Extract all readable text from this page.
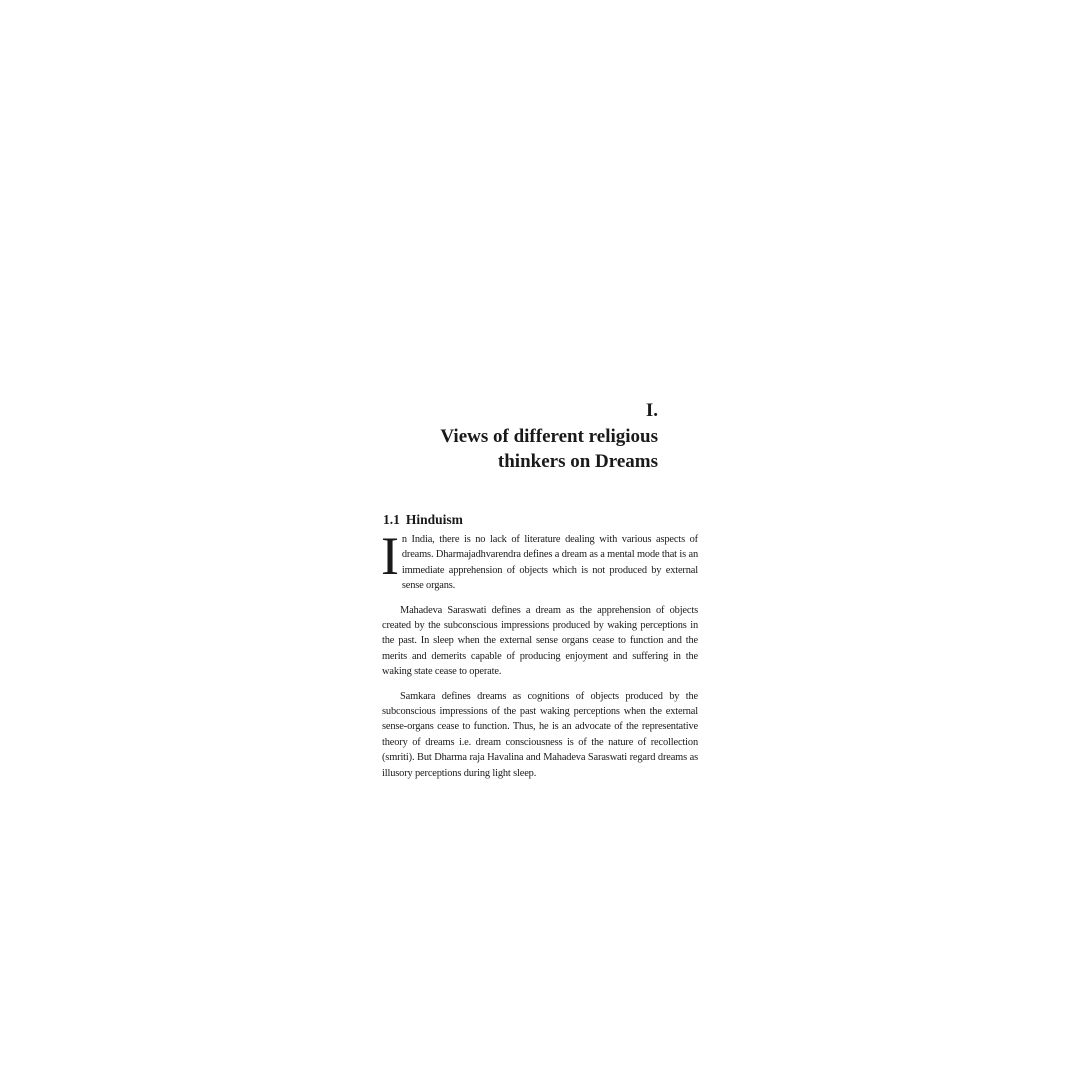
I.
Views of different religious
thinkers on Dreams
1.1 Hinduism

In India, there is no lack of literature dealing with various aspects of dreams. Dharmajadhvarendra defines a dream as a mental mode that is an immediate apprehension of objects which is not produced by external sense organs.

Mahadeva Saraswati defines a dream as the apprehension of objects created by the subconscious impressions produced by waking perceptions in the past. In sleep when the external sense organs cease to function and the merits and demerits capable of producing enjoyment and suffering in the waking state cease to operate.

Samkara defines dreams as cognitions of objects produced by the subconscious impressions of the past waking perceptions when the external sense-organs cease to function. Thus, he is an advocate of the representative theory of dreams i.e. dream consciousness is of the nature of recollection (smriti). But Dharma raja Havalina and Mahadeva Saraswati regard dreams as illusory perceptions during light sleep.
